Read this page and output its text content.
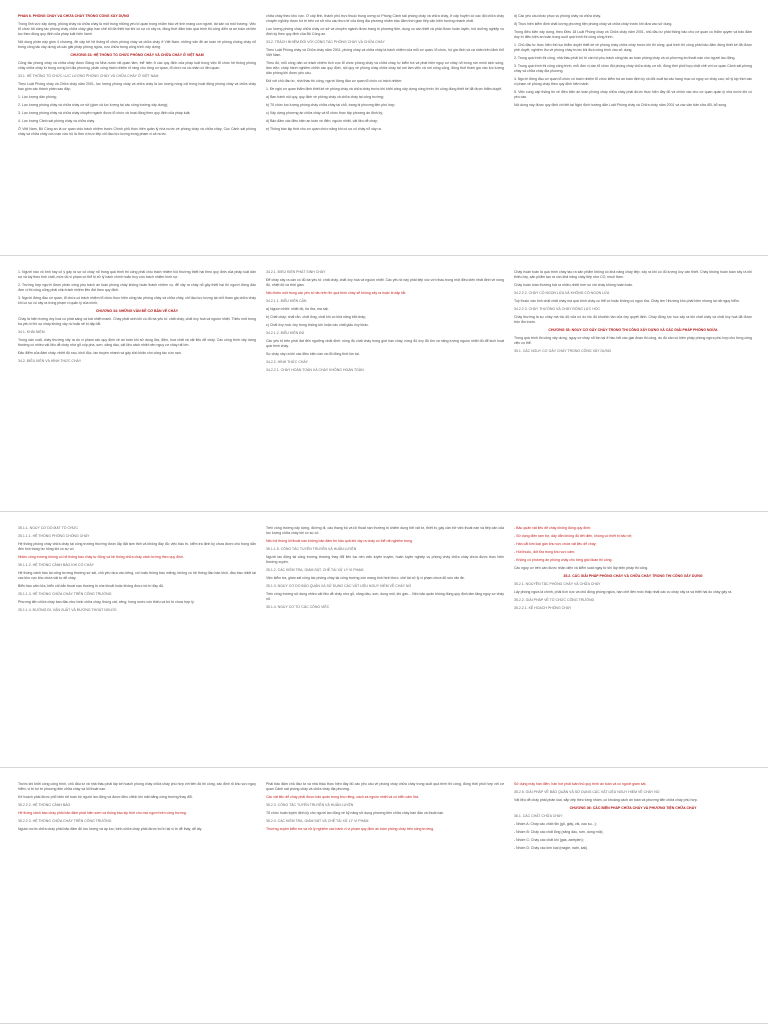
PHẦN 6. PHÒNG CHÁY VÀ CHỮA CHÁY TRONG CÔNG XÂY DỰNG
Trong lĩnh vực xây dựng, phòng cháy và chữa cháy là một trong những yếu tố quan trọng nhằm bảo vệ tính mạng con người, tài sản và môi trường. Việc tổ chức tốt công tác phòng cháy chữa cháy giúp hạn chế tối đa thiệt hại khi có sự cố xảy ra, đồng thời đảm bảo quá trình thi công diễn ra an toàn và liên tục theo đúng quy định của pháp luật hiện hành.
Nội dung phần này gồm 4 chương, đề cập tới hệ thống tổ chức phòng cháy và chữa cháy ở Việt Nam, những vấn đề an toàn về phòng chống cháy nổ trong công tác xây dựng và các giải pháp phòng ngừa, cứu chữa trong công trình xây dựng.
CHƯƠNG 33: HỆ THỐNG TỔ CHỨC PHÒNG CHÁY VÀ CHỮA CHÁY Ở VIỆT NAM
Công tác phòng cháy và chữa cháy được Đảng và Nhà nước rất quan tâm, thể hiện ở các quy định của pháp luật trong việc tổ chức hệ thống phòng cháy chữa cháy từ trung ương tới địa phương, phân công trách nhiệm rõ ràng cho từng cơ quan, tổ chức và cá nhân có liên quan.
33.1. HỆ THỐNG TỔ CHỨC LỰC LƯỢNG PHÒNG CHÁY VÀ CHỮA CHÁY Ở VIỆT NAM
Theo Luật Phòng cháy và Chữa cháy năm 2001, lực lượng phòng cháy và chữa cháy là lực lượng nòng cốt trong hoạt động phòng cháy và chữa cháy bao gồm các thành phần sau đây:
1. Lực lượng dân phòng;
2. Lực lượng phòng cháy và chữa cháy cơ sở (gồm cả lực lượng tại các công trường xây dựng);
3. Lực lượng phòng cháy và chữa cháy chuyên ngành được tổ chức và hoạt động theo quy định của pháp luật;
4. Lực lượng Cảnh sát phòng cháy và chữa cháy.
Ở Việt Nam, Bộ Công an là cơ quan chịu trách nhiệm trước Chính phủ thực hiện quản lý nhà nước về phòng cháy và chữa cháy; Cục Cảnh sát phòng cháy và chữa cháy cứu nạn cứu hộ là đơn vị trực tiếp chỉ đạo lực lượng trong phạm vi cả nước.
chữa cháy theo khu vực. Ở cấp tỉnh, thành phố trực thuộc trung ương có Phòng Cảnh sát phòng cháy và chữa cháy, ở cấp huyện có các đội chữa cháy chuyên nghiệp được bố trí trên cơ sở nhu cầu thực tế của từng địa phương nhằm bảo đảm thời gian tiếp cận hiện trường nhanh nhất.
Lực lượng phòng cháy chữa cháy cơ sở và chuyên ngành được trang bị phương tiện, dụng cụ cần thiết và phải được huấn luyện, bồi dưỡng nghiệp vụ định kỳ theo quy định của Bộ Công an.
33.2. TRÁCH NHIỆM ĐỐI VỚI CÔNG TÁC PHÒNG CHÁY VÀ CHỮA CHÁY
Theo Luật Phòng cháy và Chữa cháy năm 2001, phòng cháy và chữa cháy là trách nhiệm của mỗi cơ quan, tổ chức, hộ gia đình và cá nhân trên lãnh thổ Việt Nam.
Theo đó, mỗi công dân có trách nhiệm tích cực tổ chức phòng cháy và chữa cháy, tự kiểm tra và phát hiện nguy cơ cháy nổ trong nơi mình sinh sống, làm việc; chấp hành nghiêm chỉnh các quy định, nội quy về phòng cháy chữa cháy tại nơi làm việc và nơi công cộng, đồng thời tham gia vào lực lượng dân phòng khi được yêu cầu.
Đối với chủ đầu tư, nhà thầu thi công, người đứng đầu cơ quan tổ chức có trách nhiệm:
1. Đề nghị cơ quan thẩm định thiết kế về phòng cháy và chữa cháy trước khi khởi công xây dựng công trình; thi công đúng thiết kế đã được thẩm duyệt.
a) Ban hành nội quy, quy định về phòng cháy và chữa cháy tại công trường;
b) Tổ chức lực lượng phòng cháy chữa cháy tại chỗ, trang bị phương tiện phù hợp;
c) Xây dựng phương án chữa cháy và tổ chức thực tập phương án định kỳ;
d) Bảo đảm các điều kiện an toàn về điện, nguồn nhiệt, vật liệu dễ cháy;
e) Thông báo kịp thời cho cơ quan chức năng khi có sự cố cháy nổ xảy ra.
d) Các yêu cầu khác phục vụ phòng cháy và chữa cháy.
đ) Thực hiện kiểm định chất lượng phương tiện phòng cháy và chữa cháy trước khi đưa vào sử dụng.
Trong điều kiện xây dựng, theo Điều 18 Luật Phòng cháy và Chữa cháy năm 2001, chủ đầu tư phải thông báo cho cơ quan có thẩm quyền và bảo đảm duy trì điều kiện an toàn trong suốt quá trình thi công công trình.
1. Chủ đầu tư thực hiện thủ tục thẩm duyệt thiết kế về phòng cháy chữa cháy trước khi thi công; quá trình thi công phải bảo đảm đúng thiết kế đã được phê duyệt, nghiệm thu về phòng cháy trước khi đưa công trình vào sử dụng.
2. Trong quá trình thi công, nhà thầu phải bố trí cán bộ phụ trách công tác an toàn phòng cháy và có phương án thoát nạn cho người lao động.
3. Trong quá trình thi công công trình, mỗi đơn vị cần tổ chức đội phòng cháy chữa cháy cơ sở, đồng thời phối hợp chặt chẽ với cơ quan Cảnh sát phòng cháy và chữa cháy địa phương.
4. Người đứng đầu cơ quan tổ chức có trách nhiệm tổ chức kiểm tra an toàn định kỳ và đột xuất tại các hạng mục có nguy cơ cháy cao; xử lý kịp thời các vi phạm về phòng cháy theo quy định hiện hành.
5. Việc cung cấp thông tin về điều kiện an toàn phòng cháy chữa cháy phải được thực hiện đầy đủ và chính xác cho cơ quan quản lý nhà nước khi có yêu cầu.
Nội dung này được quy định chi tiết tại Nghị định hướng dẫn Luật Phòng cháy và Chữa cháy năm 2001 và các văn bản sửa đổi, bổ sung.
1. Người nào vô tình hay cố ý gây ra sự cố cháy nổ trong quá trình thi công phải chịu trách nhiệm bồi thường thiệt hại theo quy định của pháp luật dân sự và tuỳ theo tính chất, mức độ vi phạm có thể bị xử lý hành chính hoặc truy cứu trách nhiệm hình sự.
2. Trường hợp người được phân công phụ trách an toàn phòng cháy không hoàn thành nhiệm vụ, để xảy ra cháy nổ gây thiệt hại thì người đứng đầu đơn vị thi công cũng phải chịu trách nhiệm liên đới theo quy định.
3. Người đứng đầu cơ quan, tổ chức có trách nhiệm tổ chức thực hiện công tác phòng cháy và chữa cháy, chỉ đạo lực lượng tại chỗ tham gia chữa cháy khi có sự cố xảy ra trong phạm vi quản lý của mình.
CHƯƠNG 34: NHỮNG VẤN ĐỀ CƠ BẢN VỀ CHÁY
Cháy là hiện tượng ôxy hoá có phát sáng và toả nhiệt mạnh. Cháy phát sinh khi có đủ ba yếu tố: chất cháy, chất ôxy hoá và nguồn nhiệt. Thiếu một trong ba yếu tố thì sự cháy không xảy ra hoặc sẽ bị dập tắt.
34.1. KHÁI NIỆM
Trong sản xuất, cháy thường xảy ra do vi phạm các quy định về an toàn khi sử dụng lửa, điện, hoá chất và vật liệu dễ cháy. Các công trình xây dựng thường có nhiều vật liệu dễ cháy như gỗ cốp pha, sơn, xăng dầu, vật liệu cách nhiệt nên nguy cơ cháy rất lớn.
Đặc điểm của đám cháy: nhiệt độ cao, khói độc, lan truyền nhanh và gây khó khăn cho công tác cứu nạn.
34.2. ĐIỀU KIỆN VÀ HÌNH THỨC CHÁY
34.2.1. ĐIỀU KIỆN PHÁT SINH CHÁY
Để cháy xảy ra cần có đủ ba yếu tố: chất cháy, chất ôxy hoá và nguồn nhiệt. Các yếu tố này phải tiếp xúc với nhau trong một điều kiện nhất định về nồng độ, nhiệt độ và thời gian.
Nếu thiếu một trong các yếu tố nêu trên thì quá trình cháy sẽ không xảy ra hoặc bị dập tắt.
34.2.1.1. ĐIỀU KIỆN CẦN
a) Nguồn nhiệt: nhiệt độ, tia lửa, ma sát;
b) Chất cháy: chất rắn, chất lỏng, chất khí có khả năng bắt cháy;
c) Chất ôxy hoá: ôxy trong không khí hoặc các chất giàu ôxy khác.
34.2.1.2. ĐIỀU KIỆN ĐỦ
Các yếu tố trên phải đạt đến ngưỡng nhất định: nồng độ chất cháy trong giới hạn cháy, nồng độ ôxy đủ lớn và năng lượng nguồn nhiệt đủ để kích hoạt quá trình cháy.
Sự cháy xảy ra khi các điều kiện cần và đủ đồng thời tồn tại.
34.2.2. HÌNH THỨC CHÁY
34.2.2.1. CHÁY HOÀN TOÀN VÀ CHÁY KHÔNG HOÀN TOÀN
Cháy hoàn toàn là quá trình cháy tạo ra sản phẩm không có khả năng cháy tiếp; xảy ra khi có đủ lượng ôxy cần thiết. Cháy không hoàn toàn xảy ra khi thiếu ôxy, sản phẩm tạo ra còn khả năng cháy tiếp như CO, muội than.
Cháy hoàn toàn thường toả ra nhiều nhiệt hơn so với cháy không hoàn toàn.
34.2.2.2. CHÁY CÓ NGỌN LỬA VÀ KHÔNG CÓ NGỌN LỬA
Tuỳ thuộc vào tính chất chất cháy mà quá trình cháy có thể có hoặc không có ngọn lửa. Cháy âm ỉ thường khó phát hiện nhưng lại rất nguy hiểm.
34.2.2.3. CHÁY THƯỜNG VÀ CHÁY ĐỘNG LỰC HỌC
Cháy thường là sự cháy mà tốc độ của nó do tốc độ khuếch tán của ôxy quyết định. Cháy động lực học xảy ra khi chất cháy và chất ôxy hoá đã được trộn lẫn trước.
CHƯƠNG 35: NGUY CƠ GÂY CHÁY TRONG THI CÔNG XÂY DỰNG VÀ CÁC GIẢI PHÁP PHÒNG NGỪA
Trong quá trình thi công xây dựng, nguy cơ cháy nổ tồn tại ở hầu hết các giai đoạn thi công, do đó cần có biện pháp phòng ngừa phù hợp cho từng công việc cụ thể.
35.1. CÁC NGUY CƠ GÂY CHÁY TRONG CÔNG XÂY DỰNG
35.1.1. NGUY CƠ DO MẤT TỔ CHỨC
35.1.1.1. HỆ THỐNG PHÒNG CHỐNG CHÁY
Hệ thống phòng cháy chữa cháy tại công trường thường được lắp đặt tạm thời và không đầy đủ; việc bảo trì, kiểm tra định kỳ chưa được chú trọng dẫn đến tình trạng hư hỏng khi có sự cố.
Nhiều công trường không có hệ thống báo cháy tự động và hệ thống chữa cháy vách tường theo quy định.
35.1.1.2. HỆ THỐNG CẢNH BÁO KHI CÓ CHÁY
Hệ thống cảnh báo tại công trường thường sơ sài, chủ yếu dựa vào kẻng, còi hoặc thông báo miệng; không có hệ thống đầu báo khói, đầu báo nhiệt tại các khu vực kho chứa vật tư dễ cháy.
Biển báo cấm lửa, biển chỉ dẫn thoát nạn thường bị che khuất hoặc không được bố trí đầy đủ.
35.1.1.3. HỆ THỐNG CHỮA CHÁY TRÊN CÔNG TRƯỜNG
Phương tiện chữa cháy ban đầu như bình chữa cháy, thùng cát, xẻng, họng nước còn thiếu và bố trí chưa hợp lý.
35.1.1.4. ĐƯỜNG ĐI, VẬN XUẤT VÀ ĐƯỜNG THOÁT NGƯỜI
Trên công trường xây dựng, đường đi, cầu thang bộ và lối thoát nạn thường bị chiếm dụng bởi vật tư, thiết bị, gây cản trở việc thoát nạn và tiếp cận của lực lượng chữa cháy khi có sự cố.
Nếu hệ thống lối thoát nạn không bảo đảm thì hậu quả khi xảy ra cháy có thể rất nghiêm trọng.
35.1.1.5. CÔNG TÁC TUYÊN TRUYỀN VÀ HUẤN LUYỆN
Người lao động tại công trường thường thay đổi liên tục nên việc tuyên truyền, huấn luyện nghiệp vụ phòng cháy chữa cháy chưa được thực hiện thường xuyên.
35.1.2. CÁC KIỂM TRA, GIÁM SÁT, CHẾ TÀI XỬ LÝ VI PHẠM
Việc kiểm tra, giám sát công tác phòng cháy tại công trường còn mang tính hình thức; chế tài xử lý vi phạm chưa đủ sức răn đe.
35.1.3. NGUY CƠ DO BẢO QUẢN VÀ SỬ DỤNG CÁC VẬT LIỆU NGUY HIỂM VỀ CHÁY NỔ
Trên công trường sử dụng nhiều vật liệu dễ cháy như gỗ, xăng dầu, sơn, dung môi, khí gas... Việc bảo quản không đúng quy định làm tăng nguy cơ cháy nổ.
35.1.4. NGUY CƠ TỪ CÁC CÔNG VIỆC
- Bảo quản vật liệu dễ cháy không đúng quy định;
- Sử dụng điện tạm bợ, dây dẫn không đủ tiết diện, không có thiết bị bảo vệ;
- Hàn cắt kim loại gần khu vực chứa vật liệu dễ cháy;
- Hút thuốc, đốt lửa trong khu vực cấm;
- Không có phương án phòng cháy cho từng giai đoạn thi công.
Các nguy cơ trên cần được nhận diện và kiểm soát ngay từ khi lập biện pháp thi công.
35.2. CÁC GIẢI PHÁP PHÒNG CHÁY VÀ CHỮA CHÁY TRONG THI CÔNG XÂY DỰNG
35.2.1. NGUYÊN TẮC PHÒNG CHÁY VÀ CHỮA CHÁY
Lấy phòng ngừa là chính, phải tích cực và chủ động phòng ngừa, hạn chế đến mức thấp nhất các vụ cháy xảy ra và thiệt hại do cháy gây ra.
35.2.2. GIẢI PHÁP VỀ TỔ CHỨC CÔNG TRƯỜNG
35.2.2.1. KẾ HOẠCH PHÒNG CHÁY
Trước khi khởi công công trình, chủ đầu tư và nhà thầu phải lập kế hoạch phòng cháy chữa cháy phù hợp với tiến độ thi công, xác định rõ khu vực nguy hiểm, vị trí bố trí phương tiện chữa cháy và lối thoát nạn.
Kế hoạch phải được phổ biến tới toàn bộ người lao động và được điều chỉnh khi mặt bằng công trường thay đổi.
35.2.2.2. HỆ THỐNG CẢNH BÁO
Hệ thống cảnh báo cháy phải bảo đảm phát hiện sớm và thông báo kịp thời cho mọi người trên công trường.
35.2.2.3. HỆ THỐNG CHỮA CHÁY TRÊN CÔNG TRƯỜNG
Nguồn nước chữa cháy phải bảo đảm đủ lưu lượng và áp lực; bình chữa cháy phải được bố trí tại vị trí dễ thấy, dễ lấy.
Phải bảo đảm chủ đầu tư và nhà thầu thực hiện đầy đủ các yêu cầu về phòng cháy chữa cháy trong suốt quá trình thi công, đồng thời phối hợp với cơ quan Cảnh sát phòng cháy và chữa cháy địa phương.
Các vật liệu dễ cháy phải được bảo quản trong kho riêng, cách xa nguồn nhiệt và có biển cấm lửa.
35.2.3. CÔNG TÁC TUYÊN TRUYỀN VÀ HUẤN LUYỆN
Tổ chức huấn luyện định kỳ cho người lao động về kỹ năng sử dụng phương tiện chữa cháy ban đầu và thoát nạn.
35.2.4. CÁC KIỂM TRA, GIÁM SÁT VÀ CHẾ TÀI XỬ LÝ VI PHẠM
Thường xuyên kiểm tra và xử lý nghiêm các hành vi vi phạm quy định an toàn phòng cháy trên công trường.
Sử dụng máy hàn điện, hàn hơi phải tuân thủ quy trình an toàn và có người giám sát.
35.2.5. GIẢI PHÁP VỀ BẢO QUẢN VÀ SỬ DỤNG CÁC VẬT LIỆU NGUY HIỂM VỀ CHÁY NỔ
Vật liệu dễ cháy phải phân loại, sắp xếp theo từng nhóm, có khoảng cách an toàn và phương tiện chữa cháy phù hợp.
CHƯƠNG 36: CÁC BIỆN PHÁP CHỮA CHÁY VÀ PHƯƠNG TIỆN CHỮA CHÁY
36.1. CÁC CHẤT CHỮA CHÁY
- Nhóm A: Cháy các chất rắn (gỗ, giấy, vải, cao su...);
- Nhóm B: Cháy các chất lỏng (xăng dầu, sơn, dung môi);
- Nhóm C: Cháy các chất khí (gas, axetylen);
- Nhóm D: Cháy các kim loại (magie, natri, kali).
